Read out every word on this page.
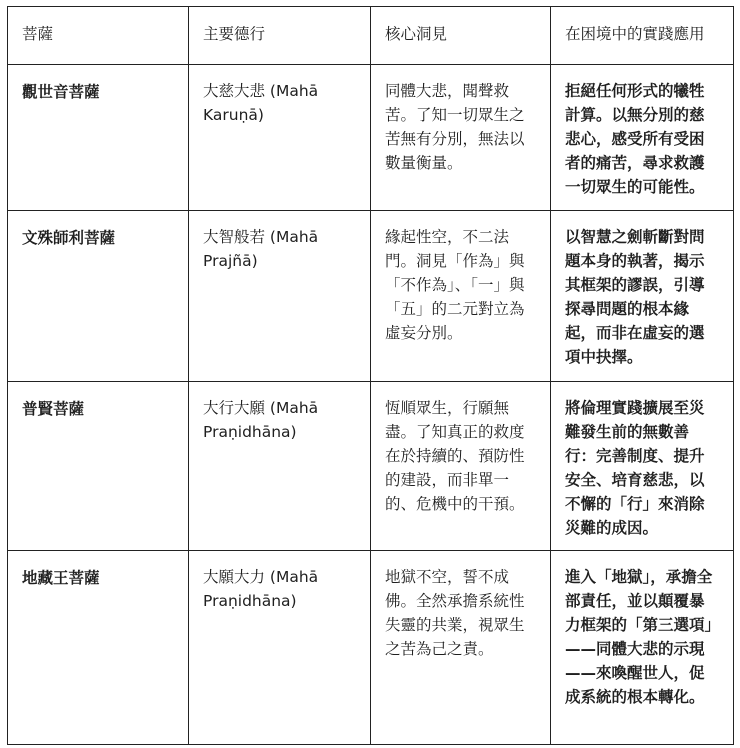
菩薩	主要德行	核心洞見	在困境中的實踐應用
觀世音菩薩	大慈大悲 (Mahā Karuṇā)	同體大悲，聞聲救苦。了知一切眾生之苦無有分別，無法以數量衡量。	拒絕任何形式的犧牲計算。以無分別的慈悲心，感受所有受困者的痛苦，尋求救護一切眾生的可能性。
文殊師利菩薩	大智般若 (Mahā Prajñā)	緣起性空，不二法門。洞見「作為」與「不作為」、「一」與「五」的二元對立為虛妄分別。	以智慧之劍斬斷對問題本身的執著，揭示其框架的謬誤，引導探尋問題的根本緣起，而非在虛妄的選項中抉擇。
普賢菩薩	大行大願 (Mahā Praṇidhāna)	恆順眾生，行願無盡。了知真正的救度在於持續的、預防性的建設，而非單一的、危機中的干預。	將倫理實踐擴展至災難發生前的無數善行：完善制度、提升安全、培育慈悲，以不懈的「行」來消除災難的成因。
地藏王菩薩	大願大力 (Mahā Praṇidhāna)	地獄不空，誓不成佛。全然承擔系統性失靈的共業，視眾生之苦為己之責。	進入「地獄」，承擔全部責任，並以顛覆暴力框架的「第三選項」——同體大悲的示現——來喚醒世人，促成系統的根本轉化。
